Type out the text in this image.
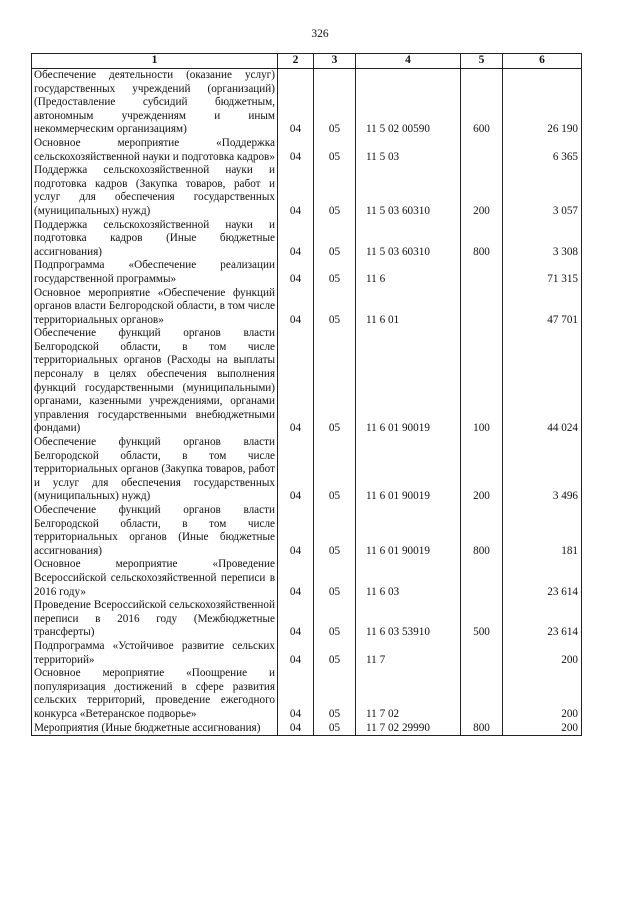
326
1	2	3	4	5	6
Обеспечение деятельности (оказание услуг) государственных учреждений (организаций) (Предоставление субсидий бюджетным, автономным учреждениям и иным некоммерческим организациям)	04	05	11 5 02 00590	600	26 190
Основное мероприятие «Поддержка сельскохозяйственной науки и подготовка кадров»	04	05	11 5 03		6 365
Поддержка сельскохозяйственной науки и подготовка кадров (Закупка товаров, работ и услуг для обеспечения государственных (муниципальных) нужд)	04	05	11 5 03 60310	200	3 057
Поддержка сельскохозяйственной науки и подготовка кадров (Иные бюджетные ассигнования)	04	05	11 5 03 60310	800	3 308
Подпрограмма «Обеспечение реализации государственной программы»	04	05	11 6		71 315
Основное мероприятие «Обеспечение функций органов власти Белгородской области, в том числе территориальных органов»	04	05	11 6 01		47 701
Обеспечение функций органов власти Белгородской области, в том числе территориальных органов (Расходы на выплаты персоналу в целях обеспечения выполнения функций государственными (муниципальными) органами, казенными учреждениями, органами управления государственными внебюджетными фондами)	04	05	11 6 01 90019	100	44 024
Обеспечение функций органов власти Белгородской области, в том числе территориальных органов (Закупка товаров, работ и услуг для обеспечения государственных (муниципальных) нужд)	04	05	11 6 01 90019	200	3 496
Обеспечение функций органов власти Белгородской области, в том числе территориальных органов (Иные бюджетные ассигнования)	04	05	11 6 01 90019	800	181
Основное мероприятие «Проведение Всероссийской сельскохозяйственной переписи в 2016 году»	04	05	11 6 03		23 614
Проведение Всероссийской сельскохозяйственной переписи в 2016 году (Межбюджетные трансферты)	04	05	11 6 03 53910	500	23 614
Подпрограмма «Устойчивое развитие сельских территорий»	04	05	11 7		200
Основное мероприятие «Поощрение и популяризация достижений в сфере развития сельских территорий, проведение ежегодного конкурса «Ветеранское подворье»	04	05	11 7 02		200
Мероприятия (Иные бюджетные ассигнования)	04	05	11 7 02 29990	800	200
